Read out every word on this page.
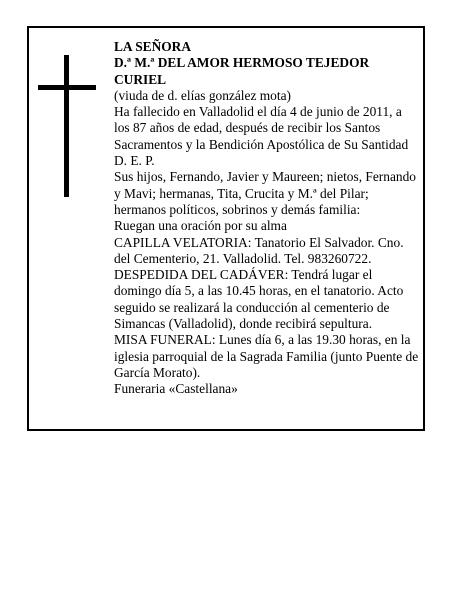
LA SEÑORA

D.ª M.ª DEL AMOR HERMOSO TEJEDOR CURIEL

(viuda de d. elías gonzález mota)

Ha fallecido en Valladolid el día 4 de junio de 2011, a los 87 años de edad, después de recibir los Santos Sacramentos y la Bendición Apostólica de Su Santidad

D. E. P.

Sus hijos, Fernando, Javier y Maureen; nietos, Fernando y Mavi; hermanas, Tita, Crucita y M.ª del Pilar; hermanos políticos, sobrinos y demás familia:

Ruegan una oración por su alma

CAPILLA VELATORIA: Tanatorio El Salvador. Cno. del Cementerio, 21. Valladolid. Tel. 983260722.

DESPEDIDA DEL CADÁVER: Tendrá lugar el domingo día 5, a las 10.45 horas, en el tanatorio. Acto seguido se realizará la conducción al cementerio de Simancas (Valladolid), donde recibirá sepultura.

MISA FUNERAL: Lunes día 6, a las 19.30 horas, en la iglesia parroquial de la Sagrada Familia (junto Puente de García Morato).

Funeraria «Castellana»
